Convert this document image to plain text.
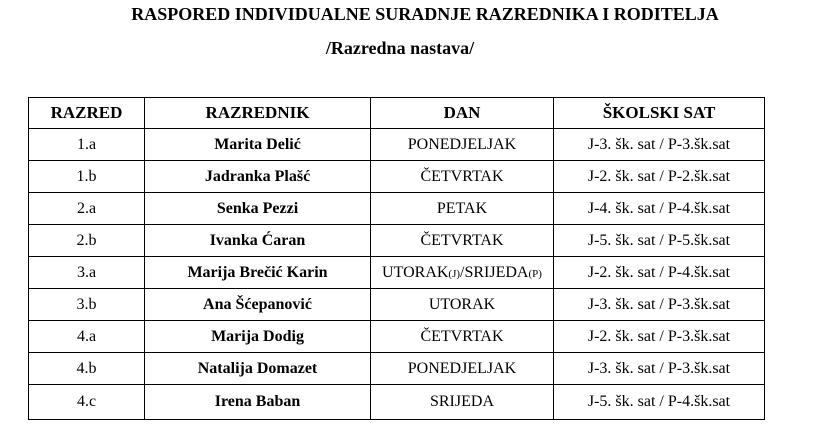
RASPORED INDIVIDUALNE SURADNJE RAZREDNIKA I RODITELJA
/Razredna nastava/
RAZRED	RAZREDNIK	DAN	ŠKOLSKI SAT
1.a	Marita Delić	PONEDJELJAK	J-3. šk. sat / P-3.šk.sat
1.b	Jadranka Plašć	ČETVRTAK	J-2. šk. sat / P-2.šk.sat
2.a	Senka Pezzi	PETAK	J-4. šk. sat / P-4.šk.sat
2.b	Ivanka Ćaran	ČETVRTAK	J-5. šk. sat / P-5.šk.sat
3.a	Marija Brečić Karin	UTORAK(J)/SRIJEDA(P)	J-2. šk. sat / P-4.šk.sat
3.b	Ana Šćepanović	UTORAK	J-3. šk. sat / P-3.šk.sat
4.a	Marija Dodig	ČETVRTAK	J-2. šk. sat / P-3.šk.sat
4.b	Natalija Domazet	PONEDJELJAK	J-3. šk. sat / P-3.šk.sat
4.c	Irena Baban	SRIJEDA	J-5. šk. sat / P-4.šk.sat
